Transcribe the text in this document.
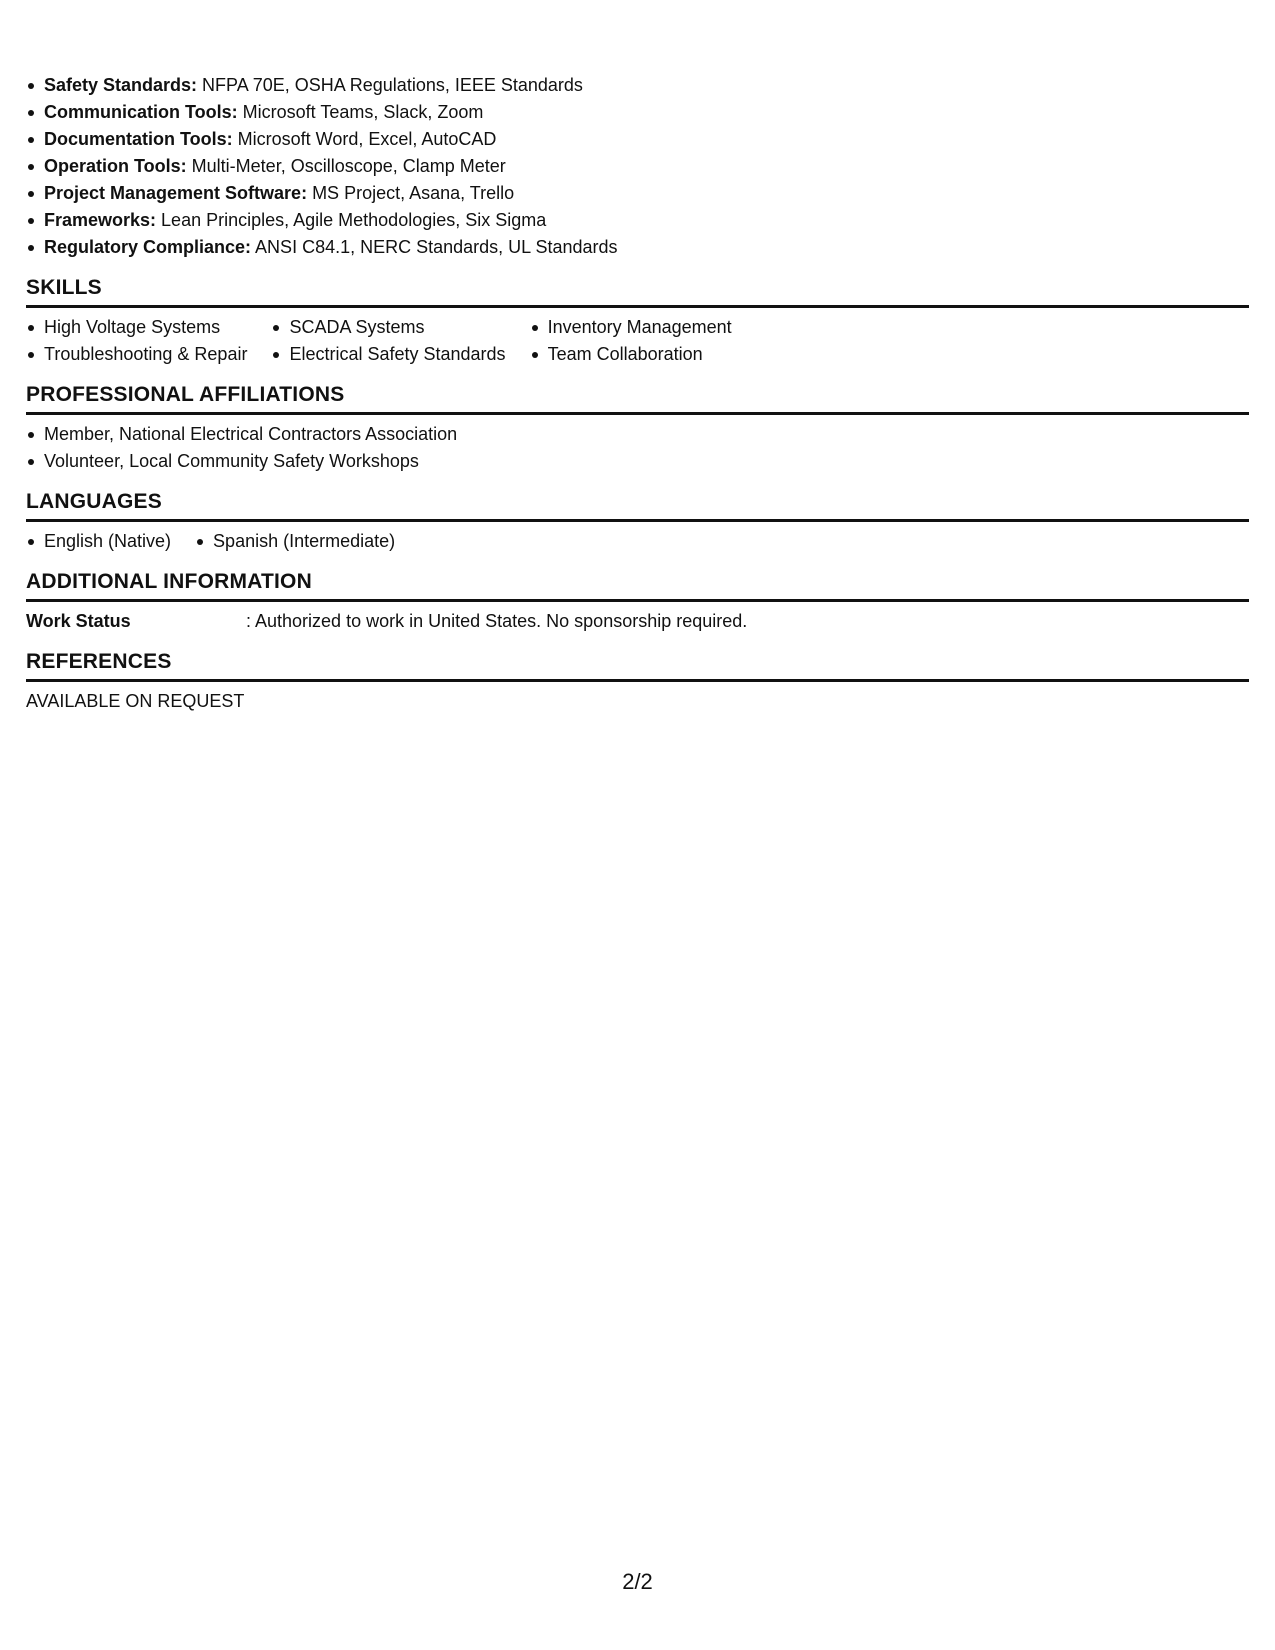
Safety Standards: NFPA 70E, OSHA Regulations, IEEE Standards
Communication Tools: Microsoft Teams, Slack, Zoom
Documentation Tools: Microsoft Word, Excel, AutoCAD
Operation Tools: Multi-Meter, Oscilloscope, Clamp Meter
Project Management Software: MS Project, Asana, Trello
Frameworks: Lean Principles, Agile Methodologies, Six Sigma
Regulatory Compliance: ANSI C84.1, NERC Standards, UL Standards
SKILLS
High Voltage Systems
Troubleshooting & Repair
SCADA Systems
Electrical Safety Standards
Inventory Management
Team Collaboration
PROFESSIONAL AFFILIATIONS
Member, National Electrical Contractors Association
Volunteer, Local Community Safety Workshops
LANGUAGES
English (Native)	Spanish (Intermediate)
ADDITIONAL INFORMATION
Work Status	: Authorized to work in United States. No sponsorship required.
REFERENCES
AVAILABLE ON REQUEST
2/2
